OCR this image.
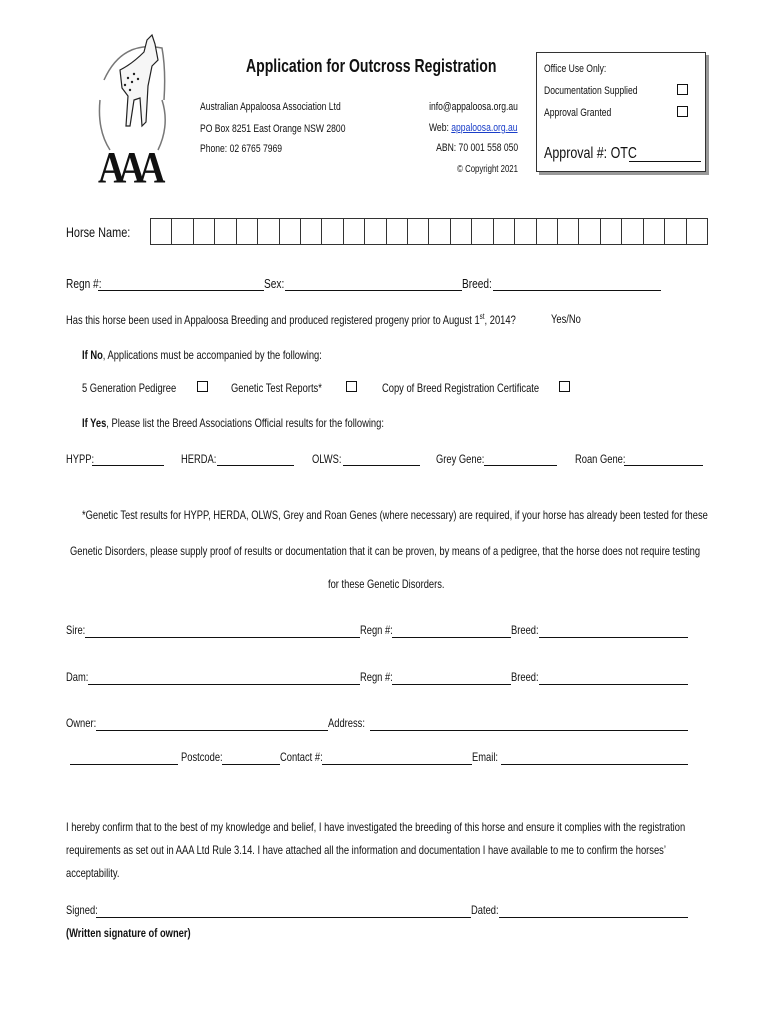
AAA
Application for Outcross Registration
Australian Appaloosa Association Ltd
PO Box 8251 East Orange NSW 2800
Phone: 02 6765 7969
info@appaloosa.org.au
Web: appaloosa.org.au
ABN: 70 001 558 050
© Copyright 2021
Office Use Only:
Documentation Supplied
Approval Granted
Approval #: OTC
Horse Name:
Regn #:	Sex:	Breed:
Has this horse been used in Appaloosa Breeding and produced registered progeny prior to August 1st, 2014?	Yes/No
If No, Applications must be accompanied by the following:
5 Generation Pedigree	Genetic Test Reports*	Copy of Breed Registration Certificate
If Yes, Please list the Breed Associations Official results for the following:
HYPP:	HERDA:	OLWS:	Grey Gene:	Roan Gene:
*Genetic Test results for HYPP, HERDA, OLWS, Grey and Roan Genes (where necessary) are required, if your horse has already been tested for these
Genetic Disorders, please supply proof of results or documentation that it can be proven, by means of a pedigree, that the horse does not require testing
for these Genetic Disorders.
Sire:	Regn #:	Breed:
Dam:	Regn #:	Breed:
Owner:	Address:
Postcode:	Contact #:	Email:
I hereby confirm that to the best of my knowledge and belief, I have investigated the breeding of this horse and ensure it complies with the registration
requirements as set out in AAA Ltd Rule 3.14. I have attached all the information and documentation I have available to me to confirm the horses’
acceptability.
Signed:	Dated:
(Written signature of owner)
